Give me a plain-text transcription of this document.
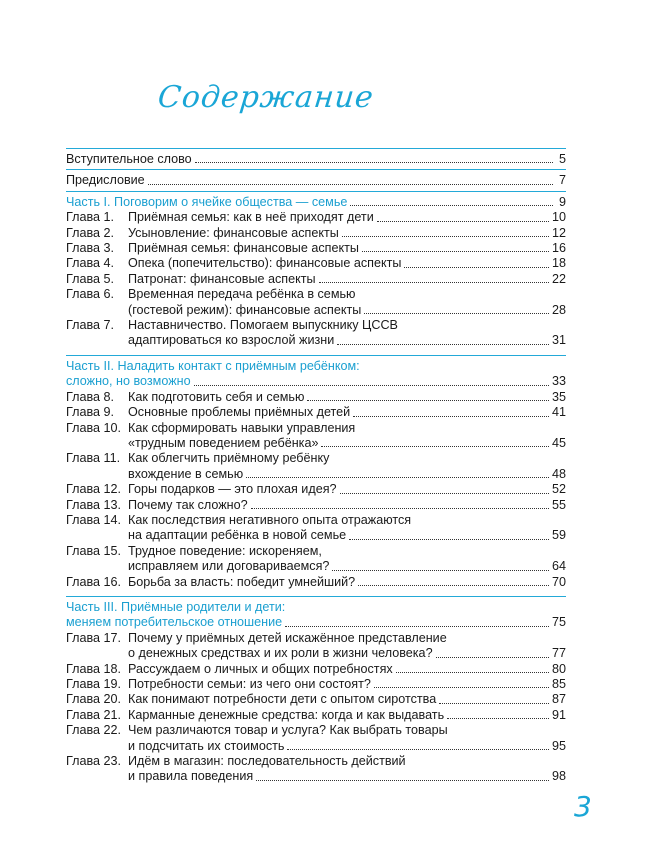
Содержание
Вступительное слово	5
Предисловие	7
Часть I. Поговорим о ячейке общества — семье	9
Глава 1.	Приёмная семья: как в неё приходят дети	10
Глава 2.	Усыновление: финансовые аспекты	12
Глава 3.	Приёмная семья: финансовые аспекты	16
Глава 4.	Опека (попечительство): финансовые аспекты	18
Глава 5.	Патронат: финансовые аспекты	22
Глава 6.	Временная передача ребёнка в семью
(гостевой режим): финансовые аспекты	28
Глава 7.	Наставничество. Помогаем выпускнику ЦССВ
адаптироваться ко взрослой жизни	31
Часть II. Наладить контакт с приёмным ребёнком:
сложно, но возможно	33
Глава 8.	Как подготовить себя и семью	35
Глава 9.	Основные проблемы приёмных детей	41
Глава 10. Как сформировать навыки управления
«трудным поведением ребёнка»	45
Глава 11. Как облегчить приёмному ребёнку
вхождение в семью	48
Глава 12. Горы подарков — это плохая идея?	52
Глава 13. Почему так сложно?	55
Глава 14. Как последствия негативного опыта отражаются
на адаптации ребёнка в новой семье	59
Глава 15. Трудное поведение: искореняем,
исправляем или договариваемся?	64
Глава 16. Борьба за власть: победит умнейший?	70
Часть III. Приёмные родители и дети:
меняем потребительское отношение	75
Глава 17. Почему у приёмных детей искажённое представление
о денежных средствах и их роли в жизни человека?	77
Глава 18. Рассуждаем о личных и общих потребностях	80
Глава 19. Потребности семьи: из чего они состоят?	85
Глава 20. Как понимают потребности дети с опытом сиротства	87
Глава 21. Карманные денежные средства: когда и как выдавать	91
Глава 22. Чем различаются товар и услуга? Как выбрать товары
и подсчитать их стоимость	95
Глава 23. Идём в магазин: последовательность действий
и правила поведения	98
3
